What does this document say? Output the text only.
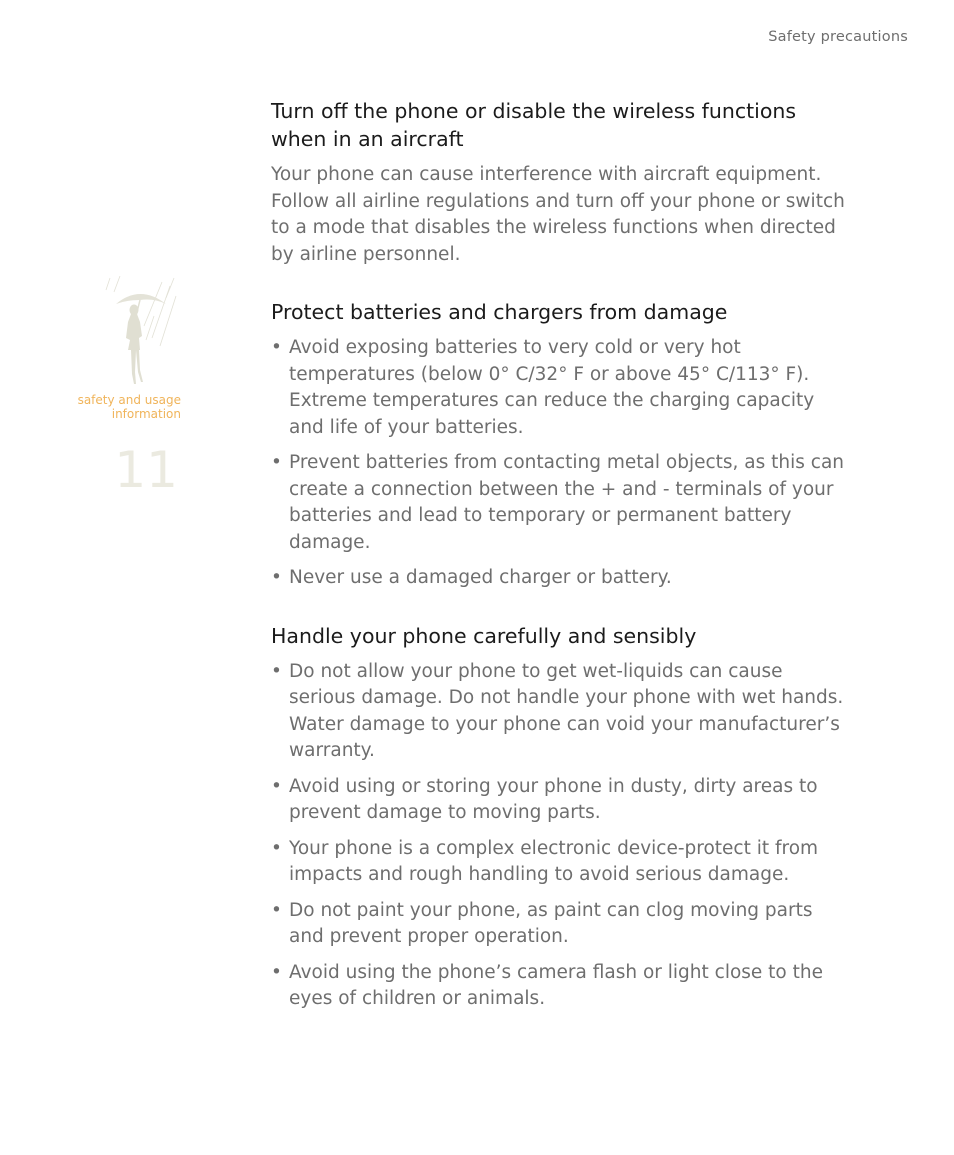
Safety precautions
safety and usage
information
11
Turn off the phone or disable the wireless functions when in an aircraft

Your phone can cause interference with aircraft equipment. Follow all airline regulations and turn off your phone or switch to a mode that disables the wireless functions when directed by airline personnel.

Protect batteries and chargers from damage
• Avoid exposing batteries to very cold or very hot temperatures (below 0° C/32° F or above 45° C/113° F). Extreme temperatures can reduce the charging capacity and life of your batteries.
• Prevent batteries from contacting metal objects, as this can create a connection between the + and - terminals of your batteries and lead to temporary or permanent battery damage.
• Never use a damaged charger or battery.
Handle your phone carefully and sensibly
• Do not allow your phone to get wet-liquids can cause serious damage. Do not handle your phone with wet hands. Water damage to your phone can void your manufacturer’s warranty.
• Avoid using or storing your phone in dusty, dirty areas to prevent damage to moving parts.
• Your phone is a complex electronic device-protect it from impacts and rough handling to avoid serious damage.
• Do not paint your phone, as paint can clog moving parts and prevent proper operation.
• Avoid using the phone’s camera flash or light close to the eyes of children or animals.
